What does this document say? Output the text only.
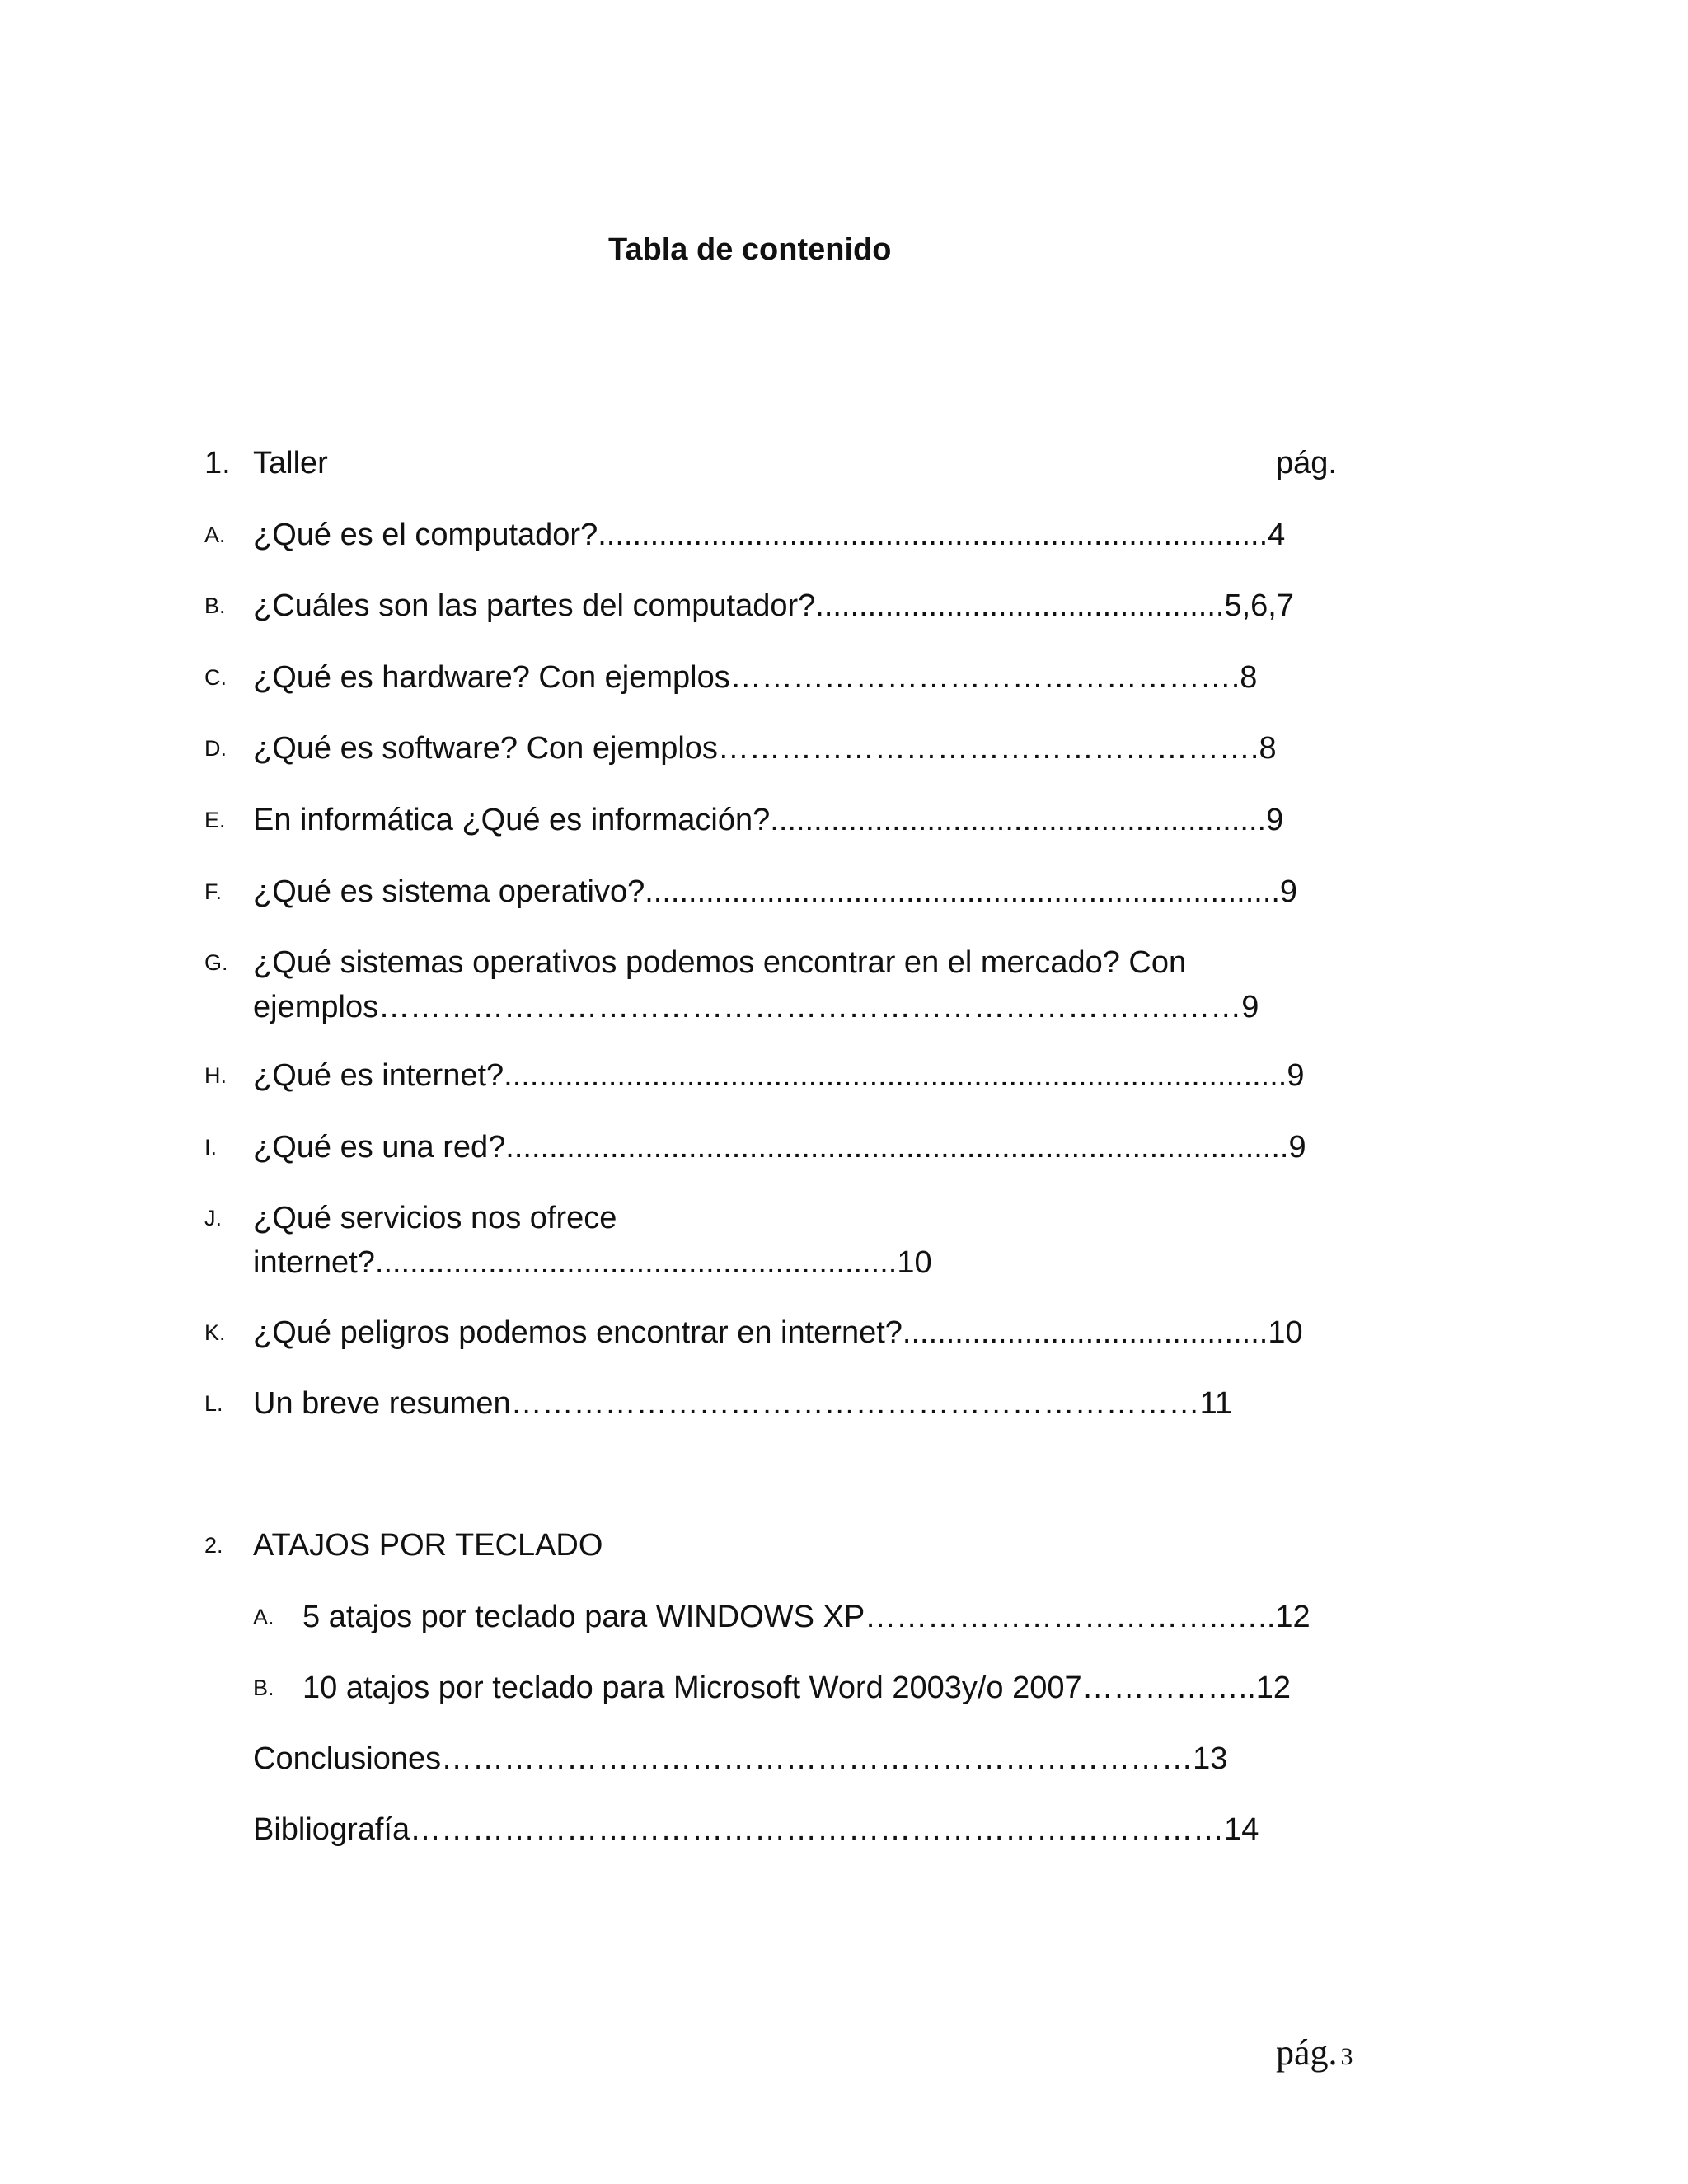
Tabla de contenido
1. Taller	pág.
A. ¿Qué es el computador?.............................................................................4
B. ¿Cuáles son las partes del computador?...............................................5,6,7
C. ¿Qué es hardware? Con ejemplos………………………………………….8
D. ¿Qué es software? Con ejemplos…………………………………………….8
E. En informática ¿Qué es información?.........................................................9
F. ¿Qué es sistema operativo?.........................................................................9
G. ¿Qué sistemas operativos podemos encontrar en el mercado? Con
ejemplos…………………………………………………………………..……9
H. ¿Qué es internet?..........................................................................................9
I. ¿Qué es una red?..........................................................................................9
J. ¿Qué servicios nos ofrece
internet?............................................................10
K. ¿Qué peligros podemos encontrar en internet?..........................................10
L. Un breve resumen…………………………………………………………11
2. ATAJOS POR TECLADO
A. 5 atajos por teclado para WINDOWS XP……………………………..…..12
B. 10 atajos por teclado para Microsoft Word 2003y/o 2007……………..12
Conclusiones………………………………………………………………13
Bibliografía……………………………………………………………………14
pág. 3
